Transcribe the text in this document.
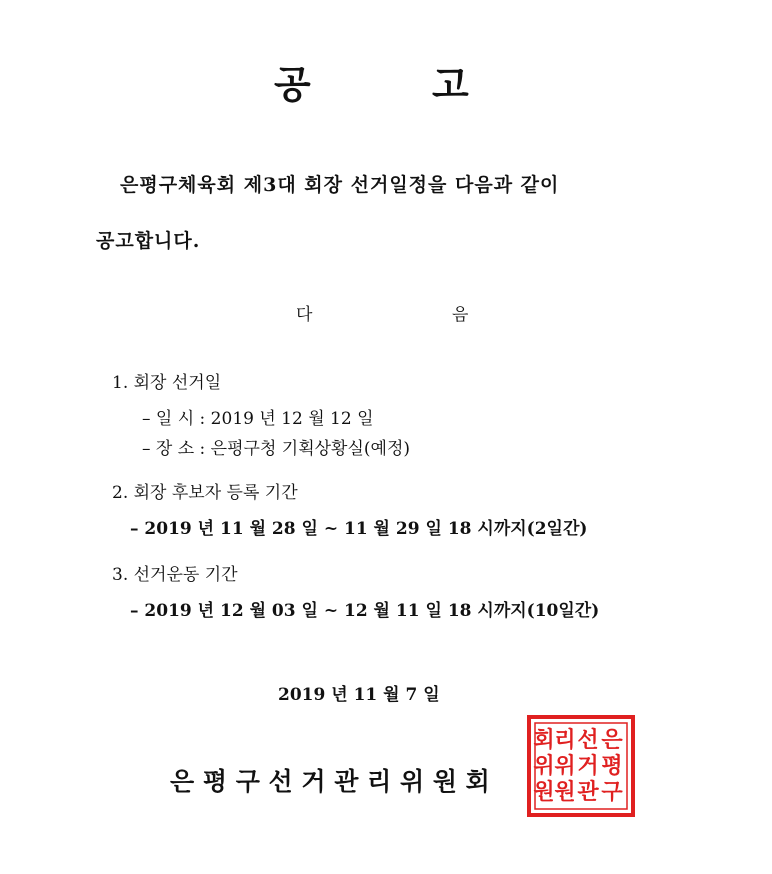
공	고
은평구체육회 제3대 회장 선거일정을 다음과 같이
공고합니다.
다	음
1. 회장 선거일
– 일 시 : 2019 년 12 월 12 일
– 장 소 : 은평구청 기획상황실(예정)
2. 회장 후보자 등록 기간
– 2019 년 11 월 28 일 ~ 11 월 29 일 18 시까지(2일간)
3. 선거운동 기간
– 2019 년 12 월 03 일 ~ 12 월 11 일 18 시까지(10일간)
2019 년 11 월 7 일
은 평 구 선 거 관 리 위 원 회
은
평
구
선
거
관
리
위
원
회
위
원
